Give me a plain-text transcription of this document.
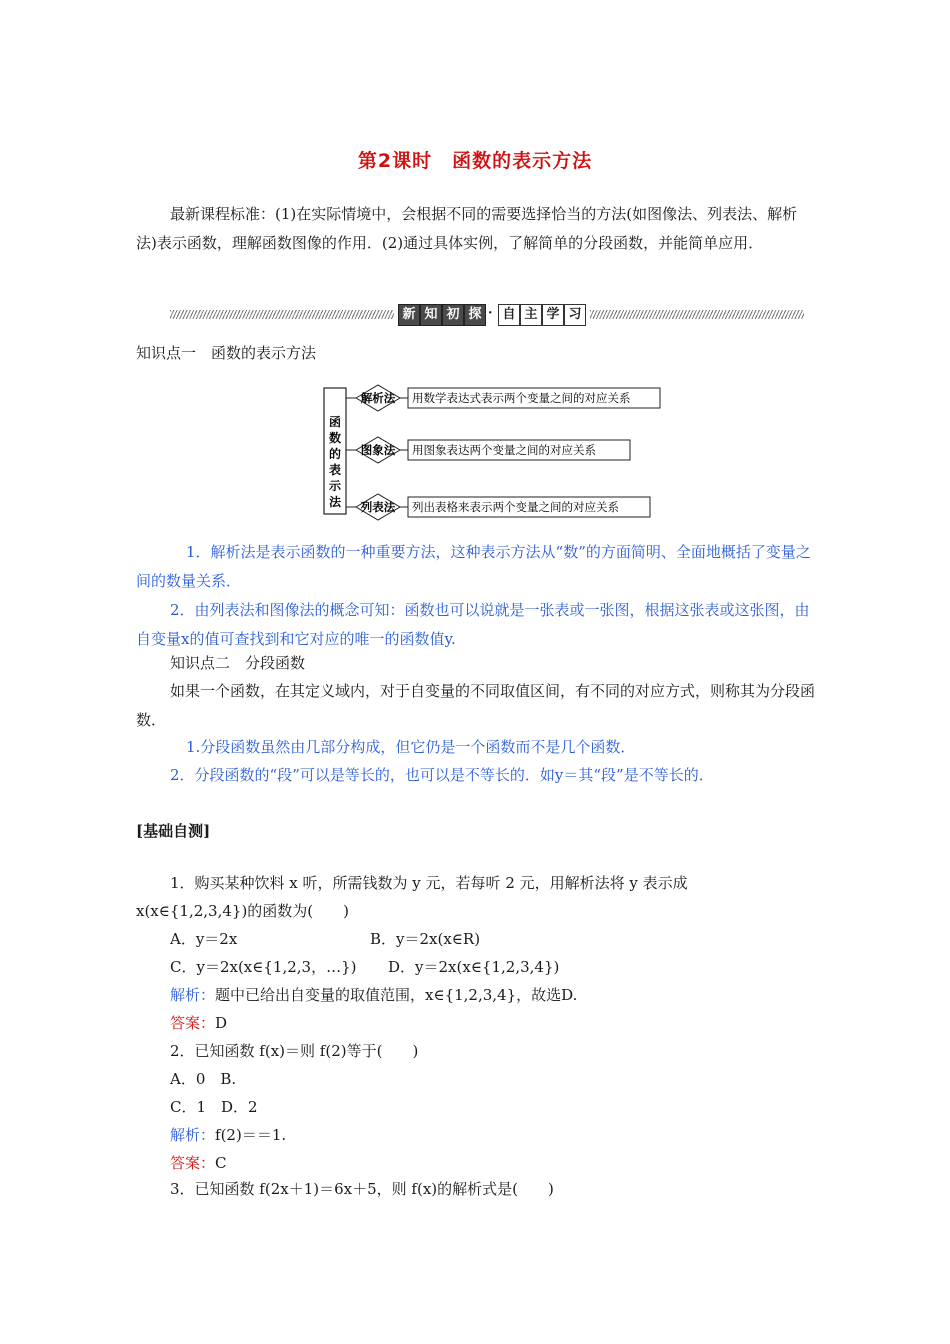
第2课时　函数的表示方法
最新课程标准：(1)在实际情境中，会根据不同的需要选择恰当的方法(如图像法、列表法、解析法)表示函数，理解函数图像的作用．(2)通过具体实例，了解简单的分段函数，并能简单应用．
新 知 初 探 · 自 主 学 习
知识点一　函数的表示方法
函
数
的
表
示
法
解析法 用数学表达式表示两个变量之间的对应关系
图象法 用图象表达两个变量之间的对应关系
列表法 列出表格来表示两个变量之间的对应关系
1．解析法是表示函数的一种重要方法，这种表示方法从“数”的方面简明、全面地概括了变量之间的数量关系．
2．由列表法和图像法的概念可知：函数也可以说就是一张表或一张图，根据这张表或这张图，由自变量x的值可查找到和它对应的唯一的函数值y.
知识点二　分段函数
如果一个函数，在其定义域内，对于自变量的不同取值区间，有不同的对应方式，则称其为分段函数．
1.分段函数虽然由几部分构成，但它仍是一个函数而不是几个函数．
2．分段函数的“段”可以是等长的，也可以是不等长的．如y＝其“段”是不等长的．
[基础自测]
1．购买某种饮料 x 听，所需钱数为 y 元，若每听 2 元，用解析法将 y 表示成
x(x∈{1,2,3,4})的函数为(　　)
A．y＝2x	B．y＝2x(x∈R)
C．y＝2x(x∈{1,2,3，…}) D．y＝2x(x∈{1,2,3,4})
解析：题中已给出自变量的取值范围，x∈{1,2,3,4}，故选D.
答案：D
2．已知函数 f(x)＝则 f(2)等于(　　)
A．0　B.
C．1　D．2
解析：f(2)＝＝1.
答案：C
3．已知函数 f(2x＋1)＝6x＋5，则 f(x)的解析式是(　　)
